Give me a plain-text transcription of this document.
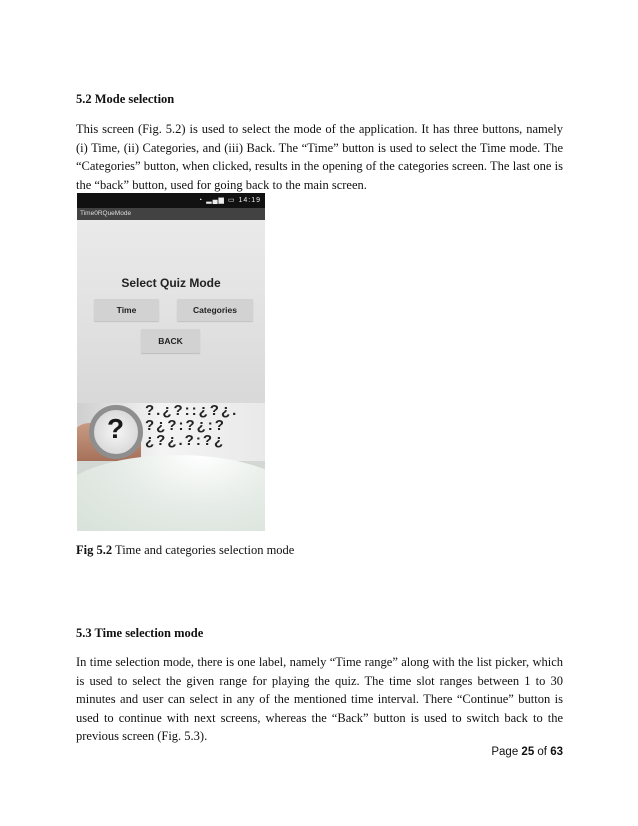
5.2 Mode selection

This screen (Fig. 5.2) is used to select the mode of the application. It has three buttons, namely (i) Time, (ii) Categories, and (iii) Back. The “Time” button is used to select the Time mode. The “Categories” button, when clicked, results in the opening of the categories screen. The last one is the “back” button, used for going back to the main screen.

◔ ▂▄▆ ▭ 14:19
Time0RQueMode
Select Quiz Mode
Time	Categories
BACK
?
?.¿?::¿?¿.
?¿?:?¿:?
¿?¿.?:?¿
Fig 5.2 Time and categories selection mode
5.3 Time selection mode

In time selection mode, there is one label, namely “Time range” along with the list picker, which is used to select the given range for playing the quiz. The time slot ranges between 1 to 30 minutes and user can select in any of the mentioned time interval. There “Continue” button is used to continue with next screens, whereas the “Back” button is used to switch back to the previous screen (Fig. 5.3).

Page 25 of 63
